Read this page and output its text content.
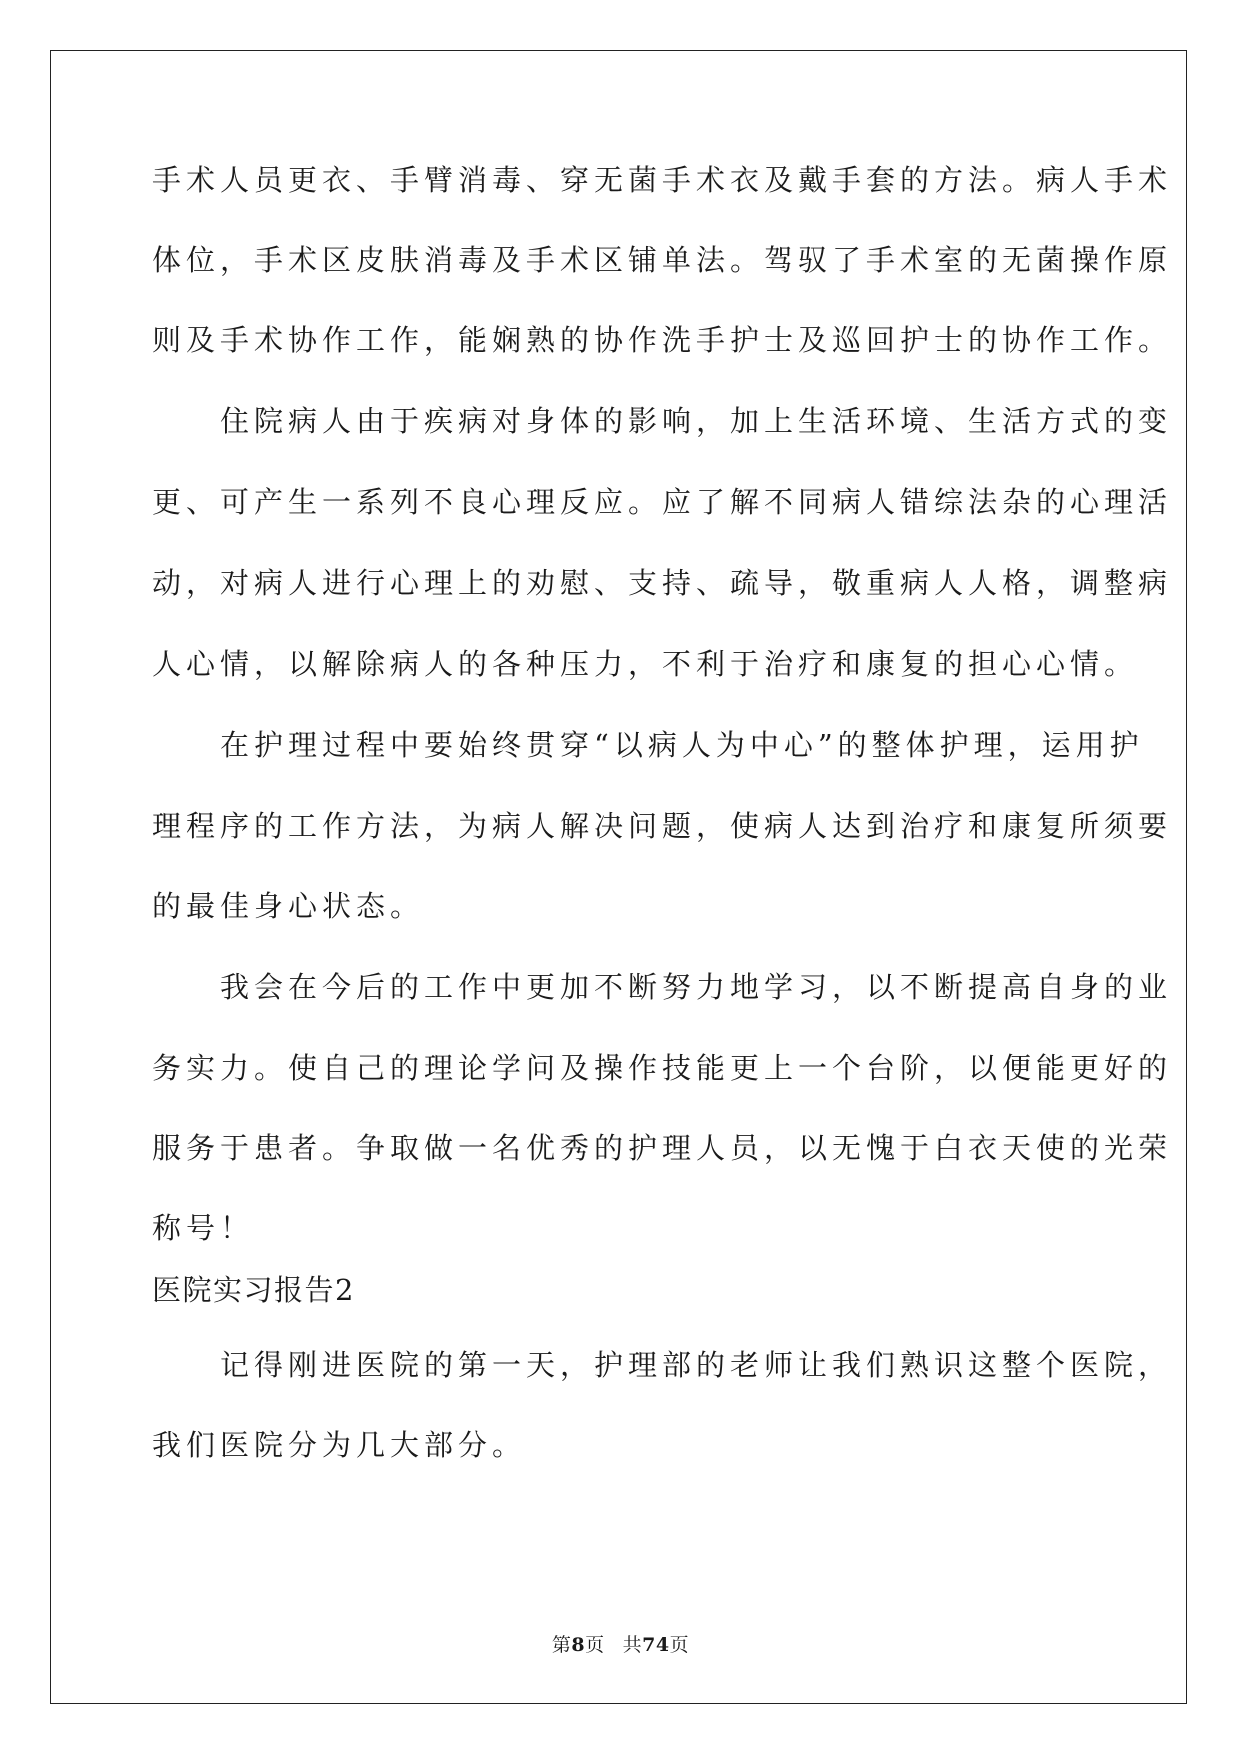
手术人员更衣、手臂消毒、穿无菌手术衣及戴手套的方法。病人手术
体位，手术区皮肤消毒及手术区铺单法。驾驭了手术室的无菌操作原
则及手术协作工作，能娴熟的协作洗手护士及巡回护士的协作工作。
　　住院病人由于疾病对身体的影响，加上生活环境、生活方式的变
更、可产生一系列不良心理反应。应了解不同病人错综法杂的心理活
动，对病人进行心理上的劝慰、支持、疏导，敬重病人人格，调整病
人心情，以解除病人的各种压力，不利于治疗和康复的担心心情。
　　在护理过程中要始终贯穿“以病人为中心”的整体护理，运用护
理程序的工作方法，为病人解决问题，使病人达到治疗和康复所须要
的最佳身心状态。
　　我会在今后的工作中更加不断努力地学习，以不断提高自身的业
务实力。使自己的理论学问及操作技能更上一个台阶，以便能更好的
服务于患者。争取做一名优秀的护理人员，以无愧于白衣天使的光荣
称号！
医院实习报告2
　　记得刚进医院的第一天，护理部的老师让我们熟识这整个医院，
我们医院分为几大部分。
第8页 共74页
